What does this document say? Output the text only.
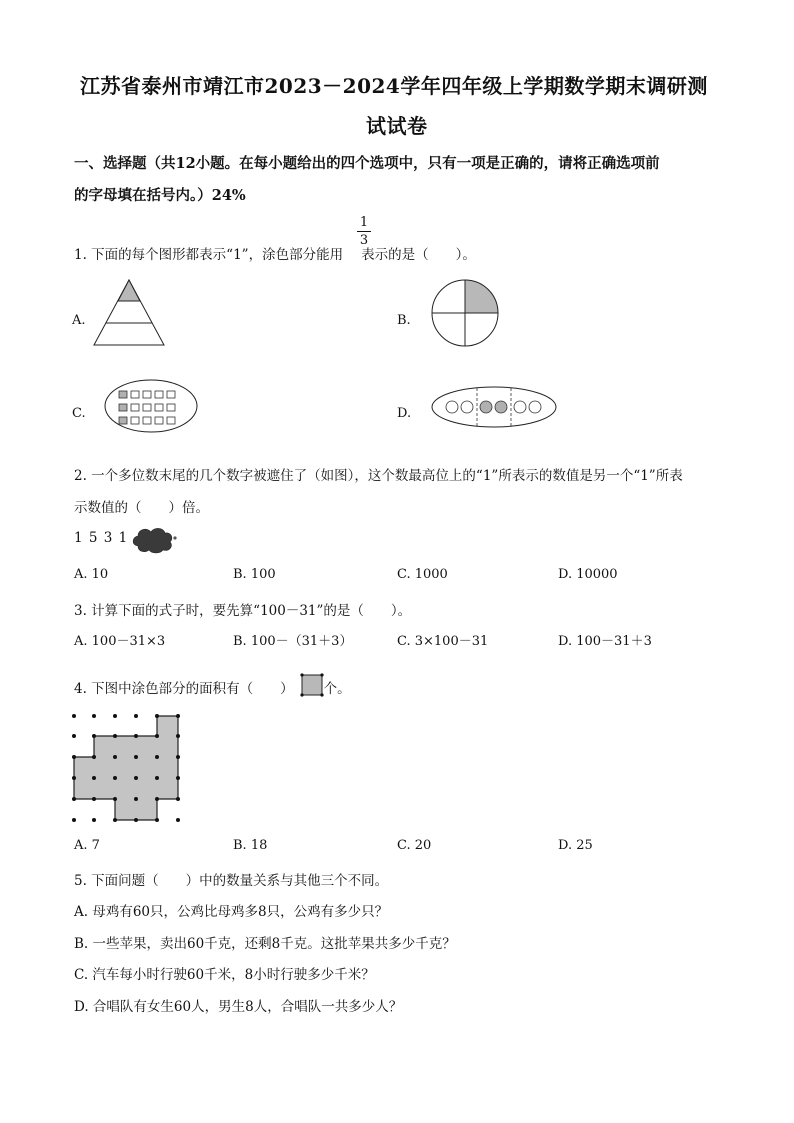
江苏省泰州市靖江市2023－2024学年四年级上学期数学期末调研测
试试卷
一、选择题（共12小题。在每小题给出的四个选项中，只有一项是正确的，请将正确选项前
的字母填在括号内。）24%
1. 下面的每个图形都表示“1”，涂色部分能用 表示的是（　　）。
1
3
A.	B.
C.	D.
2. 一个多位数末尾的几个数字被遮住了（如图），这个数最高位上的“1”所表示的数值是另一个“1”所表
示数值的（　　）倍。
1 5 3 1
A. 10	B. 100	C. 1000	D. 10000
3. 计算下面的式子时，要先算“100－31”的是（　　）。
A. 100－31×3	B. 100－（31＋3）	C. 3×100－31	D. 100－31＋3
4. 下图中涂色部分的面积有（　　） 个。
A. 7	B. 18	C. 20	D. 25
5. 下面问题（　　）中的数量关系与其他三个不同。
A. 母鸡有60只，公鸡比母鸡多8只，公鸡有多少只？
B. 一些苹果，卖出60千克，还剩8千克。这批苹果共多少千克？
C. 汽车每小时行驶60千米，8小时行驶多少千米？
D. 合唱队有女生60人，男生8人，合唱队一共多少人？
